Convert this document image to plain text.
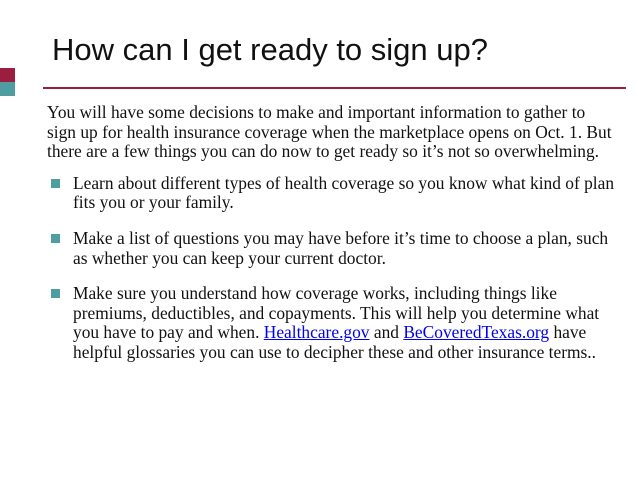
How can I get ready to sign up?

You will have some decisions to make and important information to gather to sign up for health insurance coverage when the marketplace opens on Oct. 1. But there are a few things you can do now to get ready so it’s not so overwhelming.

Learn about different types of health coverage so you know what kind of plan fits you or your family.
Make a list of questions you may have before it’s time to choose a plan, such as whether you can keep your current doctor.
Make sure you understand how coverage works, including things like premiums, deductibles, and copayments. This will help you determine what you have to pay and when. Healthcare.gov and BeCoveredTexas.org have helpful glossaries you can use to decipher these and other insurance terms..
